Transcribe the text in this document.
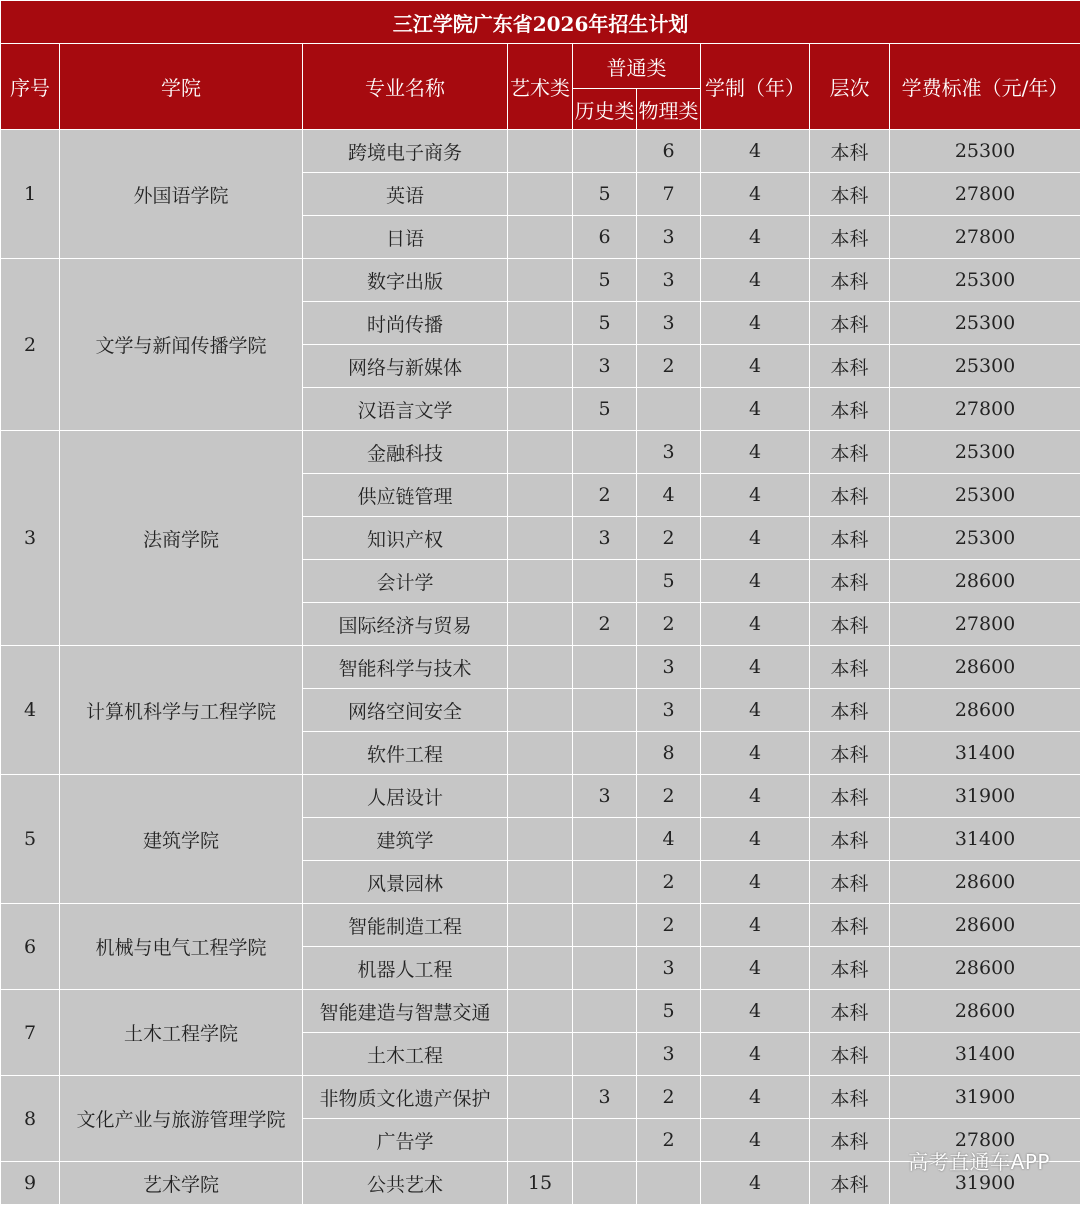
三江学院广东省2026年招生计划								
序号	学院	专业名称	艺术类	普通类		学制（年）	层次	学费标准（元/年）
				历史类	物理类			
1	外国语学院	跨境电子商务			6	4	本科	25300
		英语		5	7	4	本科	27800
		日语		6	3	4	本科	27800
2	文学与新闻传播学院	数字出版		5	3	4	本科	25300
		时尚传播		5	3	4	本科	25300
		网络与新媒体		3	2	4	本科	25300
		汉语言文学		5		4	本科	27800
3	法商学院	金融科技			3	4	本科	25300
		供应链管理		2	4	4	本科	25300
		知识产权		3	2	4	本科	25300
		会计学			5	4	本科	28600
		国际经济与贸易		2	2	4	本科	27800
4	计算机科学与工程学院	智能科学与技术			3	4	本科	28600
		网络空间安全			3	4	本科	28600
		软件工程			8	4	本科	31400
5	建筑学院	人居设计		3	2	4	本科	31900
		建筑学			4	4	本科	31400
		风景园林			2	4	本科	28600
6	机械与电气工程学院	智能制造工程			2	4	本科	28600
		机器人工程			3	4	本科	28600
7	土木工程学院	智能建造与智慧交通			5	4	本科	28600
		土木工程			3	4	本科	31400
8	文化产业与旅游管理学院	非物质文化遗产保护		3	2	4	本科	31900
		广告学			2	4	本科	27800
9	艺术学院	公共艺术	15			4	本科	31900
高考直通车APP
